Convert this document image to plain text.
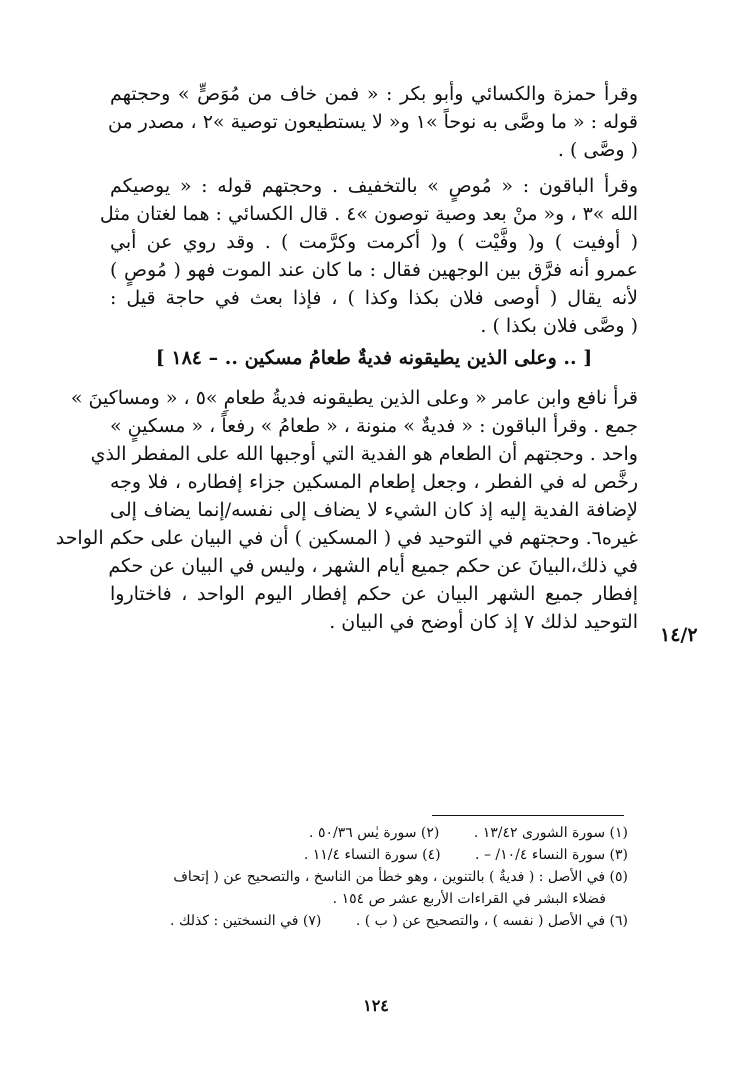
وقرأ حمزة والكسائي وأبو بكر : « فمن خاف من مُوَصٍّ » وحجتهم
قوله : « ما وصَّى به نوحاً »١ و« لا يستطيعون توصية »٢ ، مصدر من
( وصَّى ) .
وقرأ الباقون : « مُوصٍ » بالتخفيف . وحجتهم قوله : « يوصيكم
الله »٣ ، و« منْ بعد وصية توصون »٤ . قال الكسائي : هما لغتان مثل
( أوفيت ) و( وفَّيْت ) و( أكرمت وكرَّمت ) . وقد روي عن أبي
عمرو أنه فرَّق بين الوجهين فقال : ما كان عند الموت فهو ( مُوصٍ )
لأنه يقال ( أوصى فلان بكذا وكذا ) ، فإذا بعث في حاجة قيل :
( وصَّى فلان بكذا ) .
[ .. وعلى الذين يطيقونه فديةٌ طعامُ مسكين .. – ١٨٤ ]
قرأ نافع وابن عامر « وعلى الذين يطيقونه فديةُ طعامِ »٥ ، « ومساكينَ »
جمع . وقرأ الباقون : « فديةٌ » منونة ، « طعامُ » رفعاً ، « مسكينٍ »
واحد . وحجتهم أن الطعام هو الفدية التي أوجبها الله على المفطر الذي
رخَّص له في الفطر ، وجعل إطعام المسكين جزاء إفطاره ، فلا وجه
لإضافة الفدية إليه إذ كان الشيء لا يضاف إلى نفسه/إنما يضاف إلى
غيره٦. وحجتهم في التوحيد في ( المسكين ) أن في البيان على حكم الواحد
في ذلك،البيانَ عن حكم جميع أيام الشهر ، وليس في البيان عن حكم
إفطار جميع الشهر البيان عن حكم إفطار اليوم الواحد ، فاختاروا
التوحيد لذلك ٧ إذ كان أوضح في البيان .
١٤/٢
(١) سورة الشورى ١٣/٤٢ . (٢) سورة يٰس ٥٠/٣٦ .
(٣) سورة النساء ١٠/٤/ – . (٤) سورة النساء ١١/٤ .
(٥) في الأصل : ( فديةٌ ) بالتنوين ، وهو خطأ من الناسخ ، والتصحيح عن ( إتحاف
فضلاء البشر في القراءات الأربع عشر ص ١٥٤ .
(٦) في الأصل ( نفسه ) ، والتصحيح عن ( ب ) . (٧) في النسختين : كذلك .
١٢٤
